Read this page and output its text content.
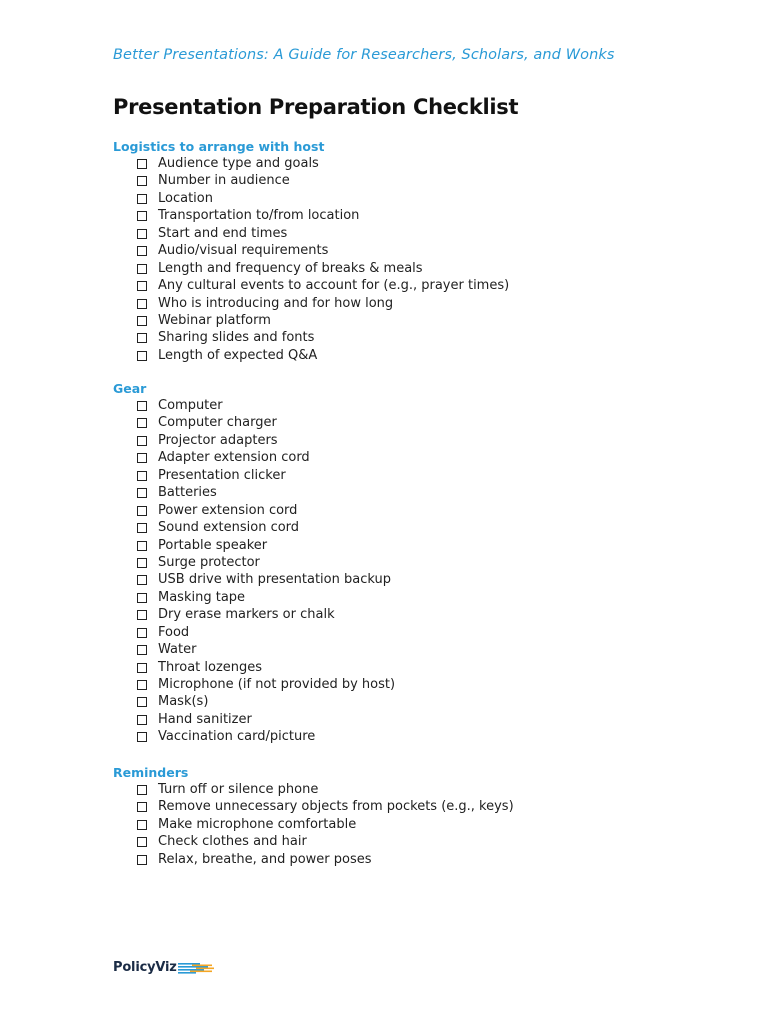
Better Presentations: A Guide for Researchers, Scholars, and Wonks
Presentation Preparation Checklist
Logistics to arrange with host
Audience type and goals
Number in audience
Location
Transportation to/from location
Start and end times
Audio/visual requirements
Length and frequency of breaks & meals
Any cultural events to account for (e.g., prayer times)
Who is introducing and for how long
Webinar platform
Sharing slides and fonts
Length of expected Q&A
Gear
Computer
Computer charger
Projector adapters
Adapter extension cord
Presentation clicker
Batteries
Power extension cord
Sound extension cord
Portable speaker
Surge protector
USB drive with presentation backup
Masking tape
Dry erase markers or chalk
Food
Water
Throat lozenges
Microphone (if not provided by host)
Mask(s)
Hand sanitizer
Vaccination card/picture
Reminders
Turn off or silence phone
Remove unnecessary objects from pockets (e.g., keys)
Make microphone comfortable
Check clothes and hair
Relax, breathe, and power poses
PolicyViz
